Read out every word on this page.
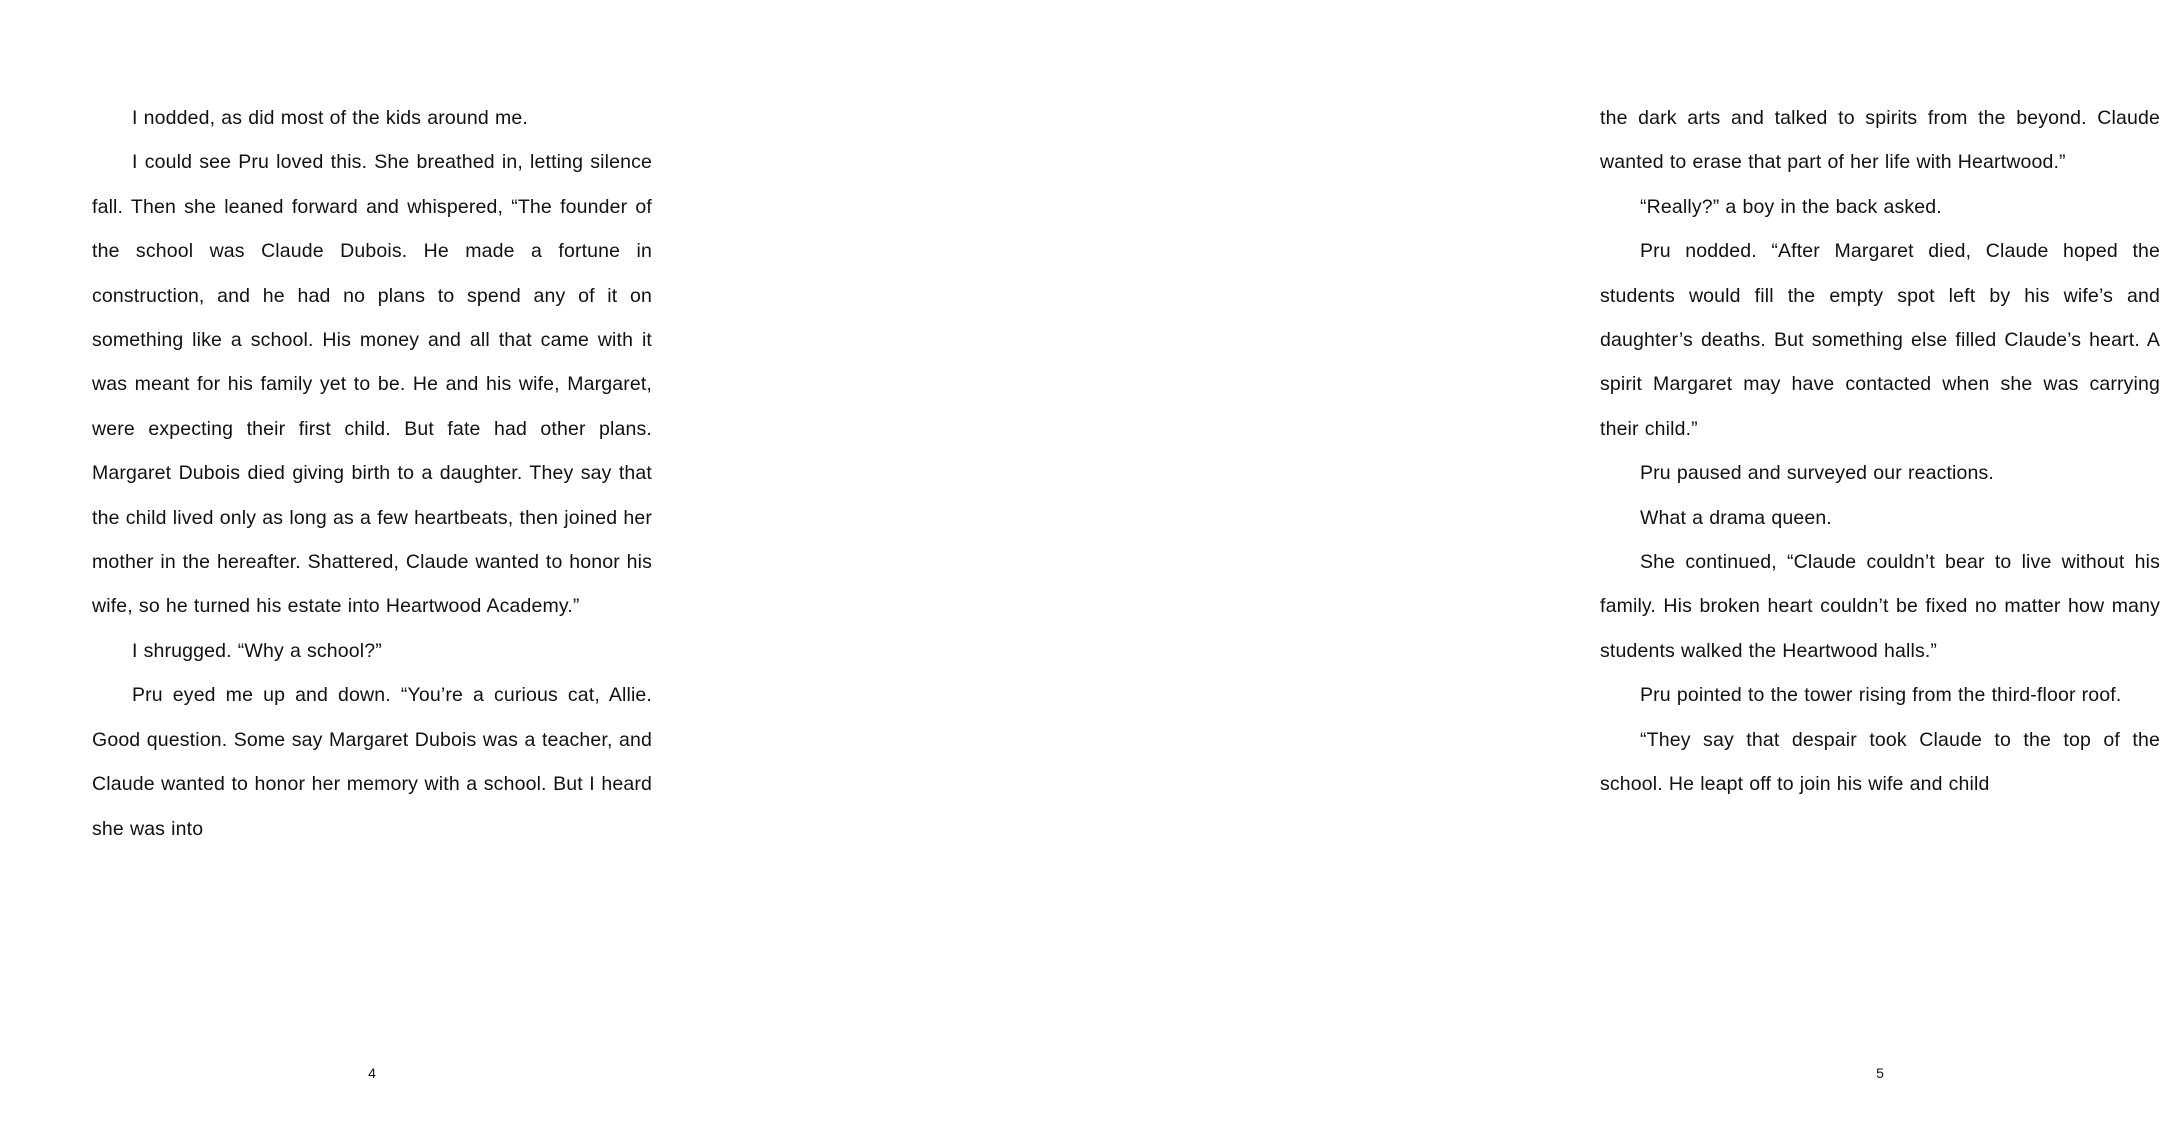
I nodded, as did most of the kids around me.

I could see Pru loved this. She breathed in, letting silence fall. Then she leaned forward and whispered, “The founder of the school was Claude Dubois. He made a fortune in construction, and he had no plans to spend any of it on something like a school. His money and all that came with it was meant for his family yet to be. He and his wife, Margaret, were expecting their first child. But fate had other plans. Margaret Dubois died giving birth to a daughter. They say that the child lived only as long as a few heartbeats, then joined her mother in the hereafter. Shattered, Claude wanted to honor his wife, so he turned his estate into Heartwood Academy.”

I shrugged. “Why a school?”

Pru eyed me up and down. “You’re a curious cat, Allie. Good question. Some say Margaret Dubois was a teacher, and Claude wanted to honor her memory with a school. But I heard she was into

4

the dark arts and talked to spirits from the beyond. Claude wanted to erase that part of her life with Heartwood.”

“Really?” a boy in the back asked.

Pru nodded. “After Margaret died, Claude hoped the students would fill the empty spot left by his wife’s and daughter’s deaths. But something else filled Claude’s heart. A spirit Margaret may have contacted when she was carrying their child.”

Pru paused and surveyed our reactions.

What a drama queen.

She continued, “Claude couldn’t bear to live without his family. His broken heart couldn’t be fixed no matter how many students walked the Heartwood halls.”

Pru pointed to the tower rising from the third-floor roof.

“They say that despair took Claude to the top of the school. He leapt off to join his wife and child

5
